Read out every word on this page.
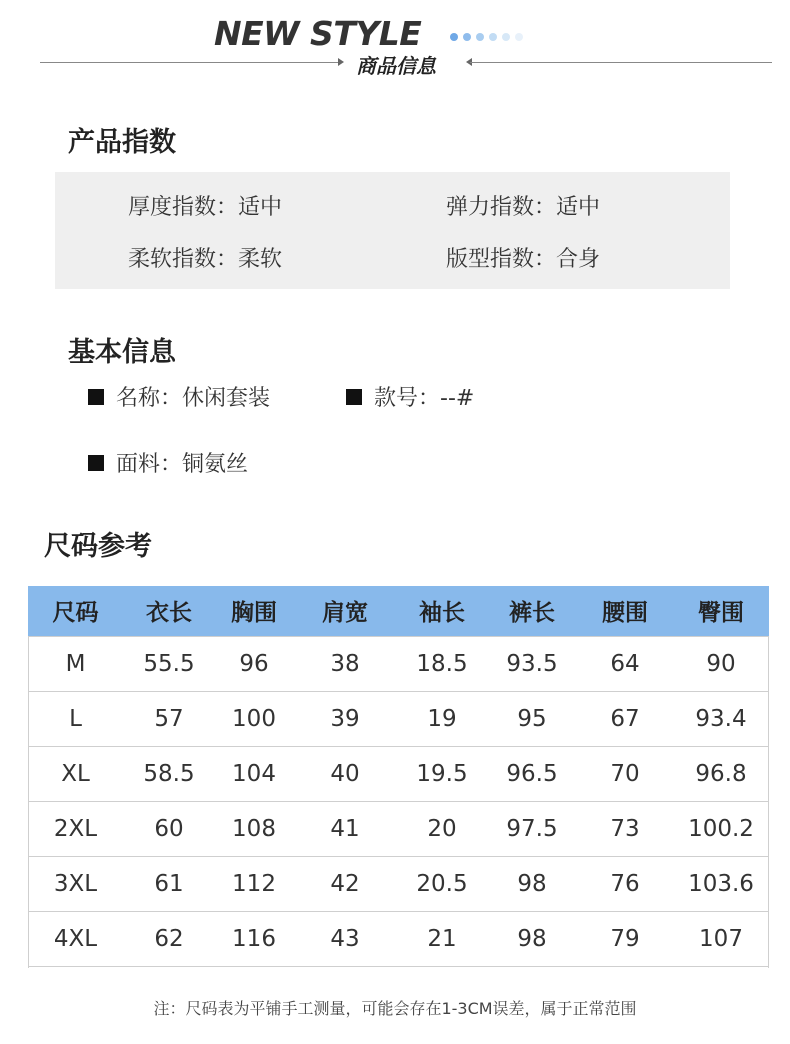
NEW STYLE
商品信息
产品指数
厚度指数：适中	弹力指数：适中
柔软指数：柔软	版型指数：合身
基本信息
名称：休闲套装	款号：--#
面料：铜氨丝
尺码参考
尺码	衣长	胸围	肩宽	袖长	裤长	腰围	臀围
M	55.5	96	38	18.5	93.5	64	90
L	57	100	39	19	95	67	93.4
XL	58.5	104	40	19.5	96.5	70	96.8
2XL	60	108	41	20	97.5	73	100.2
3XL	61	112	42	20.5	98	76	103.6
4XL	62	116	43	21	98	79	107
注：尺码表为平铺手工测量，可能会存在1-3CM误差，属于正常范围
